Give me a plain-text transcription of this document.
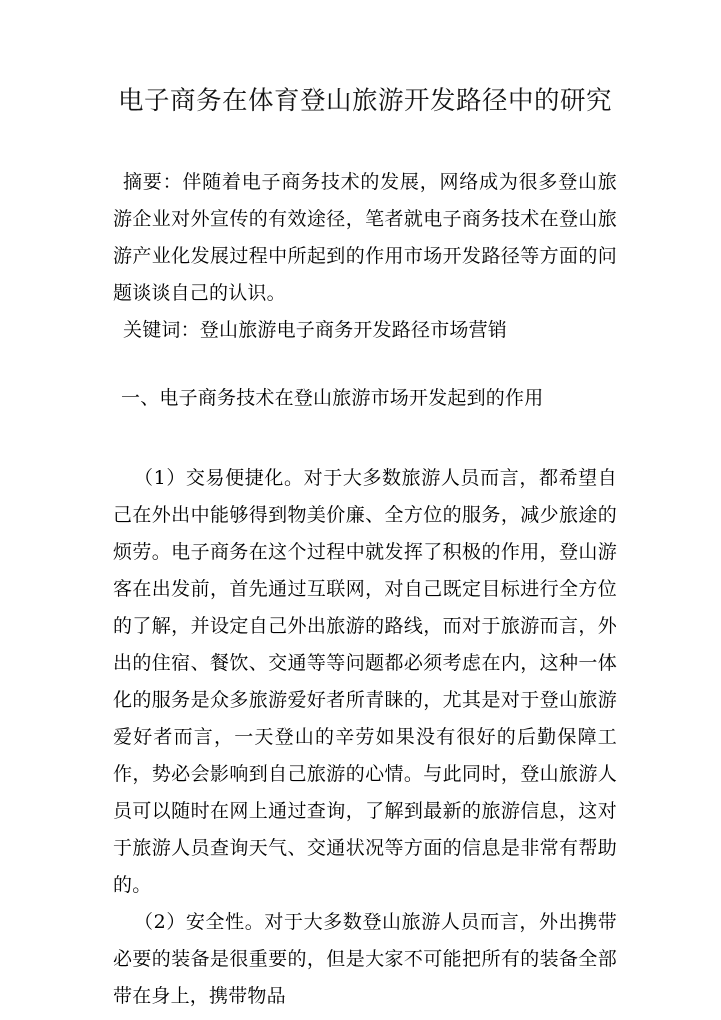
电子商务在体育登山旅游开发路径中的研究

摘要：伴随着电子商务技术的发展，网络成为很多登山旅游企业对外宣传的有效途径，笔者就电子商务技术在登山旅游产业化发展过程中所起到的作用市场开发路径等方面的问题谈谈自己的认识。

关键词：登山旅游电子商务开发路径市场营销

一、电子商务技术在登山旅游市场开发起到的作用

（1）交易便捷化。对于大多数旅游人员而言，都希望自己在外出中能够得到物美价廉、全方位的服务，减少旅途的烦劳。电子商务在这个过程中就发挥了积极的作用，登山游客在出发前，首先通过互联网，对自己既定目标进行全方位的了解，并设定自己外出旅游的路线，而对于旅游而言，外出的住宿、餐饮、交通等等问题都必须考虑在内，这种一体化的服务是众多旅游爱好者所青睐的，尤其是对于登山旅游爱好者而言，一天登山的辛劳如果没有很好的后勤保障工作，势必会影响到自己旅游的心情。与此同时，登山旅游人员可以随时在网上通过查询，了解到最新的旅游信息，这对于旅游人员查询天气、交通状况等方面的信息是非常有帮助的。

（2）安全性。对于大多数登山旅游人员而言，外出携带必要的装备是很重要的，但是大家不可能把所有的装备全部带在身上，携带物品
